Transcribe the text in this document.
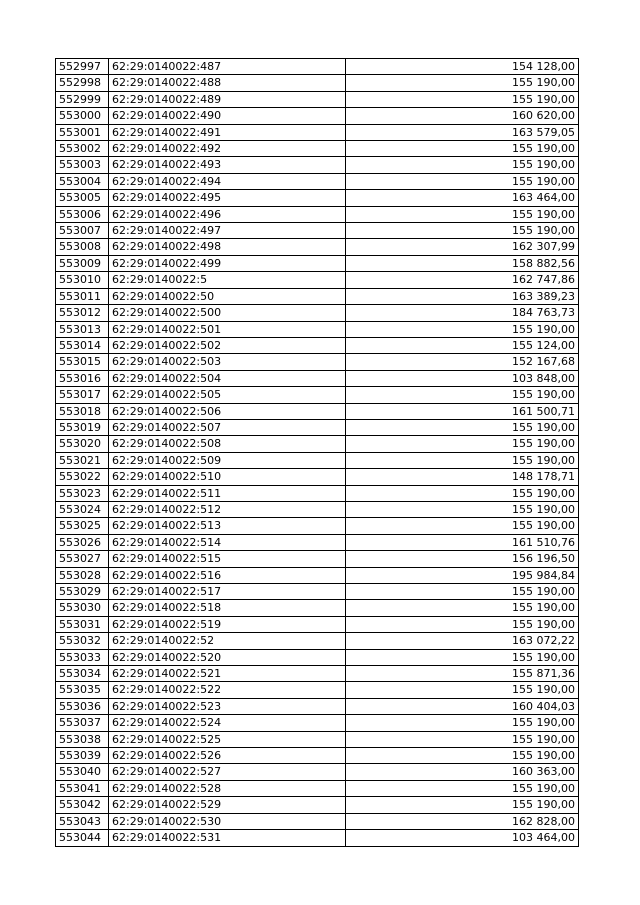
552997	62:29:0140022:487	154 128,00
552998	62:29:0140022:488	155 190,00
552999	62:29:0140022:489	155 190,00
553000	62:29:0140022:490	160 620,00
553001	62:29:0140022:491	163 579,05
553002	62:29:0140022:492	155 190,00
553003	62:29:0140022:493	155 190,00
553004	62:29:0140022:494	155 190,00
553005	62:29:0140022:495	163 464,00
553006	62:29:0140022:496	155 190,00
553007	62:29:0140022:497	155 190,00
553008	62:29:0140022:498	162 307,99
553009	62:29:0140022:499	158 882,56
553010	62:29:0140022:5	162 747,86
553011	62:29:0140022:50	163 389,23
553012	62:29:0140022:500	184 763,73
553013	62:29:0140022:501	155 190,00
553014	62:29:0140022:502	155 124,00
553015	62:29:0140022:503	152 167,68
553016	62:29:0140022:504	103 848,00
553017	62:29:0140022:505	155 190,00
553018	62:29:0140022:506	161 500,71
553019	62:29:0140022:507	155 190,00
553020	62:29:0140022:508	155 190,00
553021	62:29:0140022:509	155 190,00
553022	62:29:0140022:510	148 178,71
553023	62:29:0140022:511	155 190,00
553024	62:29:0140022:512	155 190,00
553025	62:29:0140022:513	155 190,00
553026	62:29:0140022:514	161 510,76
553027	62:29:0140022:515	156 196,50
553028	62:29:0140022:516	195 984,84
553029	62:29:0140022:517	155 190,00
553030	62:29:0140022:518	155 190,00
553031	62:29:0140022:519	155 190,00
553032	62:29:0140022:52	163 072,22
553033	62:29:0140022:520	155 190,00
553034	62:29:0140022:521	155 871,36
553035	62:29:0140022:522	155 190,00
553036	62:29:0140022:523	160 404,03
553037	62:29:0140022:524	155 190,00
553038	62:29:0140022:525	155 190,00
553039	62:29:0140022:526	155 190,00
553040	62:29:0140022:527	160 363,00
553041	62:29:0140022:528	155 190,00
553042	62:29:0140022:529	155 190,00
553043	62:29:0140022:530	162 828,00
553044	62:29:0140022:531	103 464,00
